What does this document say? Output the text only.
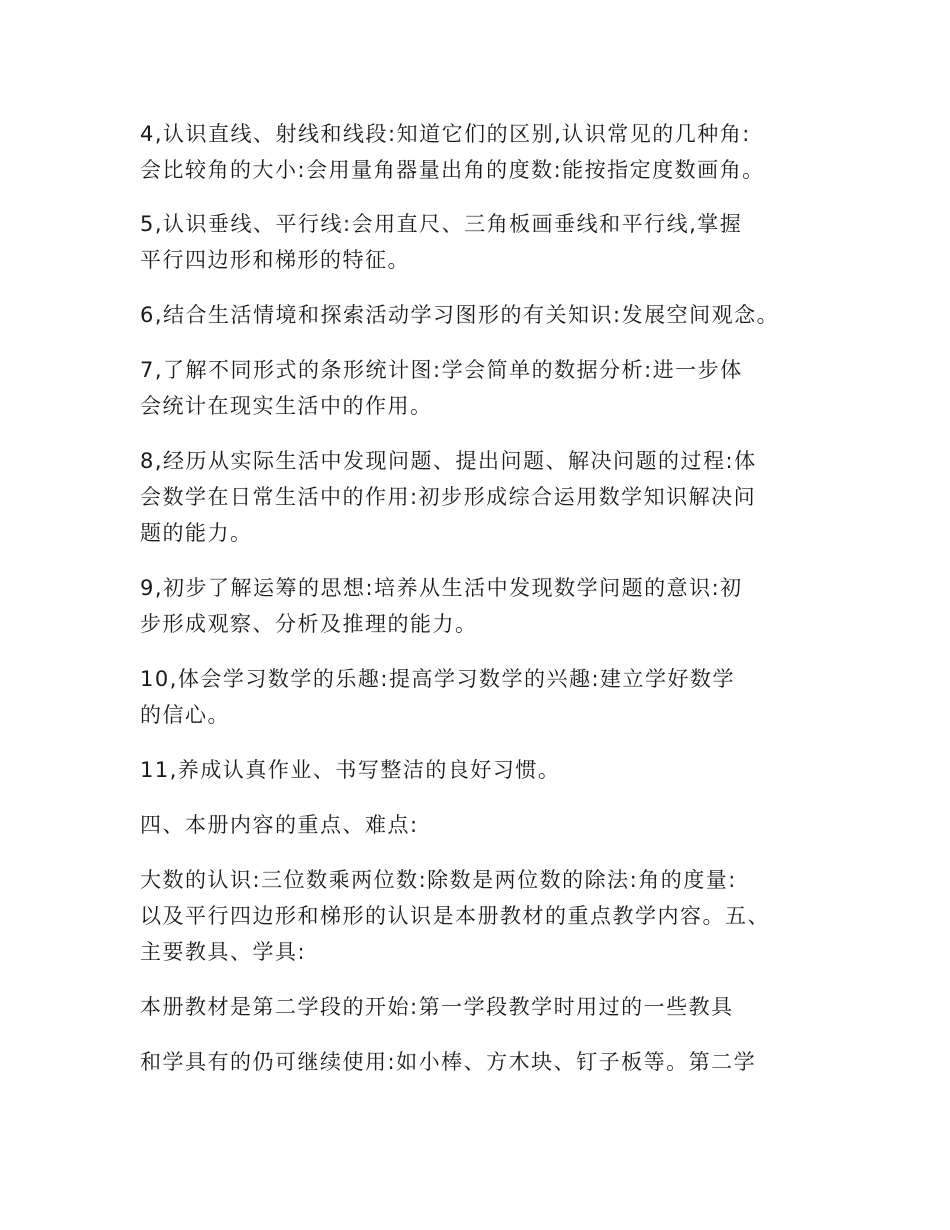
4,认识直线、射线和线段:知道它们的区别,认识常见的几种角:
会比较角的大小:会用量角器量出角的度数:能按指定度数画角。

5,认识垂线、平行线:会用直尺、三角板画垂线和平行线,掌握
平行四边形和梯形的特征。

6,结合生活情境和探索活动学习图形的有关知识:发展空间观念。

7,了解不同形式的条形统计图:学会简单的数据分析:进一步体
会统计在现实生活中的作用。

8,经历从实际生活中发现问题、提出问题、解决问题的过程:体
会数学在日常生活中的作用:初步形成综合运用数学知识解决问
题的能力。

9,初步了解运筹的思想:培养从生活中发现数学问题的意识:初
步形成观察、分析及推理的能力。

10,体会学习数学的乐趣:提高学习数学的兴趣:建立学好数学
的信心。

11,养成认真作业、书写整洁的良好习惯。

四、本册内容的重点、难点:

大数的认识:三位数乘两位数:除数是两位数的除法:角的度量:
以及平行四边形和梯形的认识是本册教材的重点教学内容。五、
主要教具、学具:

本册教材是第二学段的开始:第一学段教学时用过的一些教具

和学具有的仍可继续使用:如小棒、方木块、钉子板等。第二学
